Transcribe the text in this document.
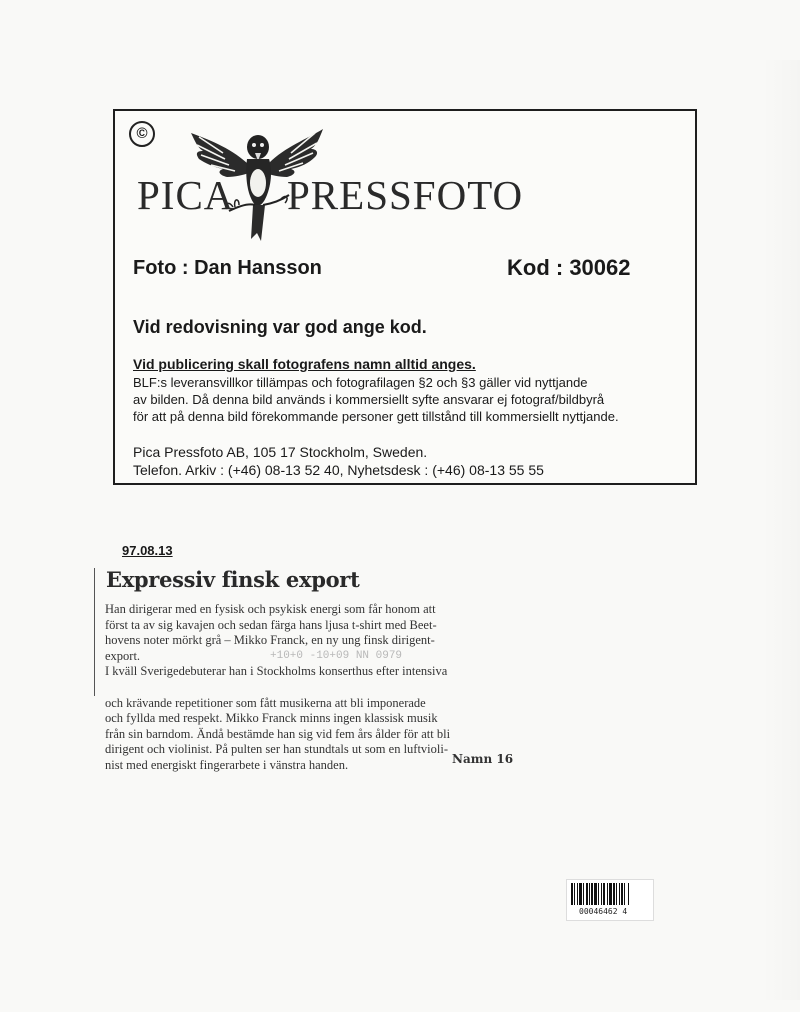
©
PICA PRESSFOTO
Foto : Dan Hansson	Kod : 30062
Vid redovisning var god ange kod.
Vid publicering skall fotografens namn alltid anges.
BLF:s leveransvillkor tillämpas och fotografilagen §2 och §3 gäller vid nyttjande
av bilden. Då denna bild används i kommersiellt syfte ansvarar ej fotograf/bildbyrå
för att på denna bild förekommande personer gett tillstånd till kommersiellt nyttjande.
Pica Pressfoto AB, 105 17 Stockholm, Sweden.
Telefon. Arkiv : (+46) 08-13 52 40, Nyhetsdesk : (+46) 08-13 55 55
97.08.13
Expressiv finsk export
+10+0 -10+09 NN 0979
Han dirigerar med en fysisk och psykisk energi som får honom att
först ta av sig kavajen och sedan färga hans ljusa t-shirt med Beet-
hovens noter mörkt grå – Mikko Franck, en ny ung finsk dirigent-
export.
I kväll Sverigedebuterar han i Stockholms konserthus efter intensiva
och krävande repetitioner som fått musikerna att bli imponerade
och fyllda med respekt. Mikko Franck minns ingen klassisk musik
från sin barndom. Ändå bestämde han sig vid fem års ålder för att bli
dirigent och violinist. På pulten ser han stundtals ut som en luftvioli-
nist med energiskt fingerarbete i vänstra handen.	Namn 16
00046462 4
